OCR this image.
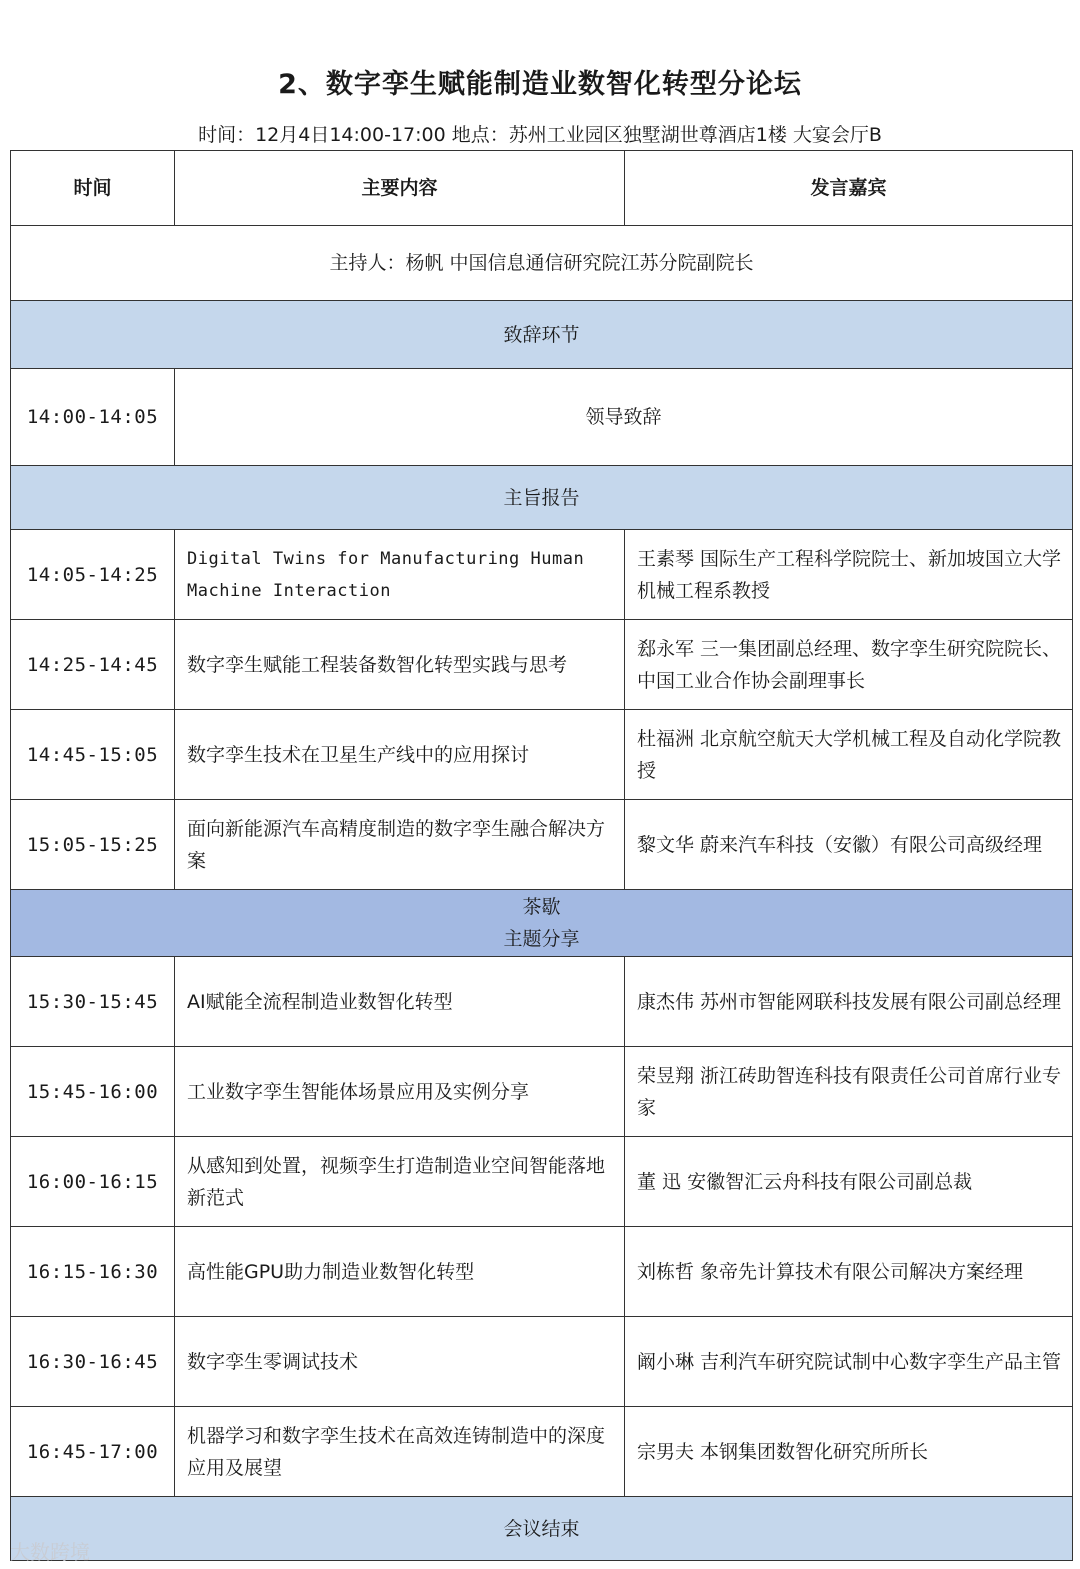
2、数字孪生赋能制造业数智化转型分论坛
时间：12月4日14:00-17:00 地点：苏州工业园区独墅湖世尊酒店1楼 大宴会厅B
时间	主要内容	发言嘉宾
主持人：杨帆 中国信息通信研究院江苏分院副院长		
致辞环节		
14:00-14:05	领导致辞	
主旨报告		
14:05-14:25	Digital Twins for Manufacturing Human Machine Interaction	王素琴 国际生产工程科学院院士、新加坡国立大学机械工程系教授
14:25-14:45	数字孪生赋能工程装备数智化转型实践与思考	郄永军 三一集团副总经理、数字孪生研究院院长、中国工业合作协会副理事长
14:45-15:05	数字孪生技术在卫星生产线中的应用探讨	杜福洲 北京航空航天大学机械工程及自动化学院教授
15:05-15:25	面向新能源汽车高精度制造的数字孪生融合解决方案	黎文华 蔚来汽车科技（安徽）有限公司高级经理

茶歇
主题分享		

15:30-15:45	AI赋能全流程制造业数智化转型	康杰伟 苏州市智能网联科技发展有限公司副总经理
15:45-16:00	工业数字孪生智能体场景应用及实例分享	荣昱翔 浙江砖助智连科技有限责任公司首席行业专家
16:00-16:15	从感知到处置，视频孪生打造制造业空间智能落地新范式	董 迅 安徽智汇云舟科技有限公司副总裁
16:15-16:30	高性能GPU助力制造业数智化转型	刘栋哲 象帝先计算技术有限公司解决方案经理
16:30-16:45	数字孪生零调试技术	阚小琳 吉利汽车研究院试制中心数字孪生产品主管
16:45-17:00	机器学习和数字孪生技术在高效连铸制造中的深度应用及展望	宗男夫 本钢集团数智化研究所所长
会议结束		
大数跨境
